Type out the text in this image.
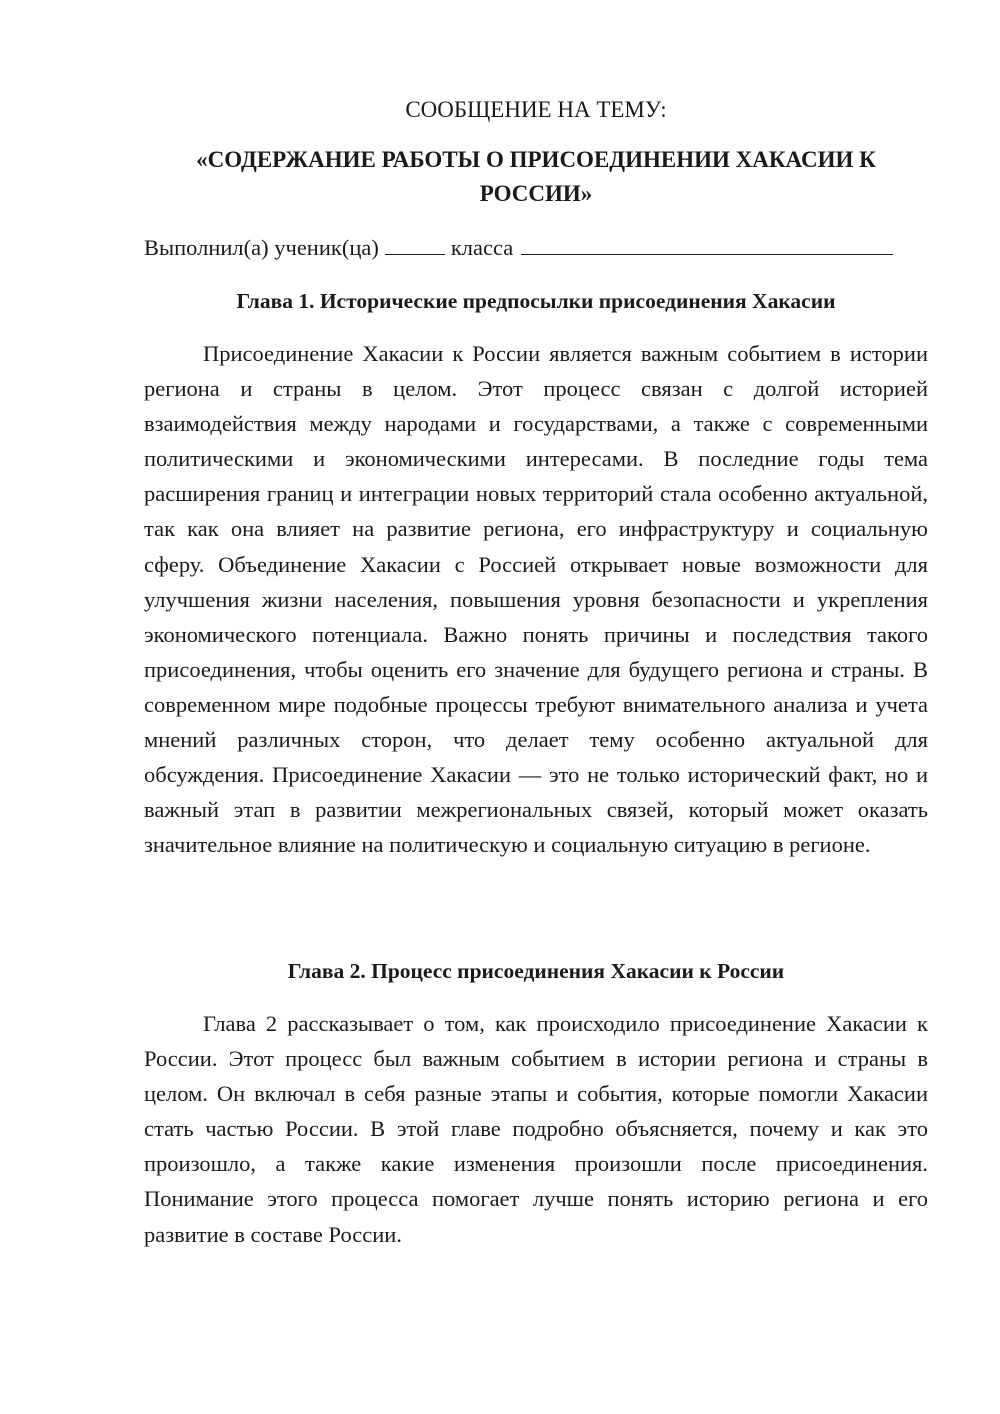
СООБЩЕНИЕ НА ТЕМУ:
«СОДЕРЖАНИЕ РАБОТЫ О ПРИСОЕДИНЕНИИ ХАКАСИИ К РОССИИ»
Выполнил(а) ученик(ца)	класса
Глава 1. Исторические предпосылки присоединения Хакасии

Присоединение Хакасии к России является важным событием в истории региона и страны в целом. Этот процесс связан с долгой историей взаимодействия между народами и государствами, а также с современными политическими и экономическими интересами. В последние годы тема расширения границ и интеграции новых территорий стала особенно актуальной, так как она влияет на развитие региона, его инфраструктуру и социальную сферу. Объединение Хакасии с Россией открывает новые возможности для улучшения жизни населения, повышения уровня безопасности и укрепления экономического потенциала. Важно понять причины и последствия такого присоединения, чтобы оценить его значение для будущего региона и страны. В современном мире подобные процессы требуют внимательного анализа и учета мнений различных сторон, что делает тему особенно актуальной для обсуждения. Присоединение Хакасии — это не только исторический факт, но и важный этап в развитии межрегиональных связей, который может оказать значительное влияние на политическую и социальную ситуацию в регионе.

Глава 2. Процесс присоединения Хакасии к России

Глава 2 рассказывает о том, как происходило присоединение Хакасии к России. Этот процесс был важным событием в истории региона и страны в целом. Он включал в себя разные этапы и события, которые помогли Хакасии стать частью России. В этой главе подробно объясняется, почему и как это произошло, а также какие изменения произошли после присоединения. Понимание этого процесса помогает лучше понять историю региона и его развитие в составе России.
